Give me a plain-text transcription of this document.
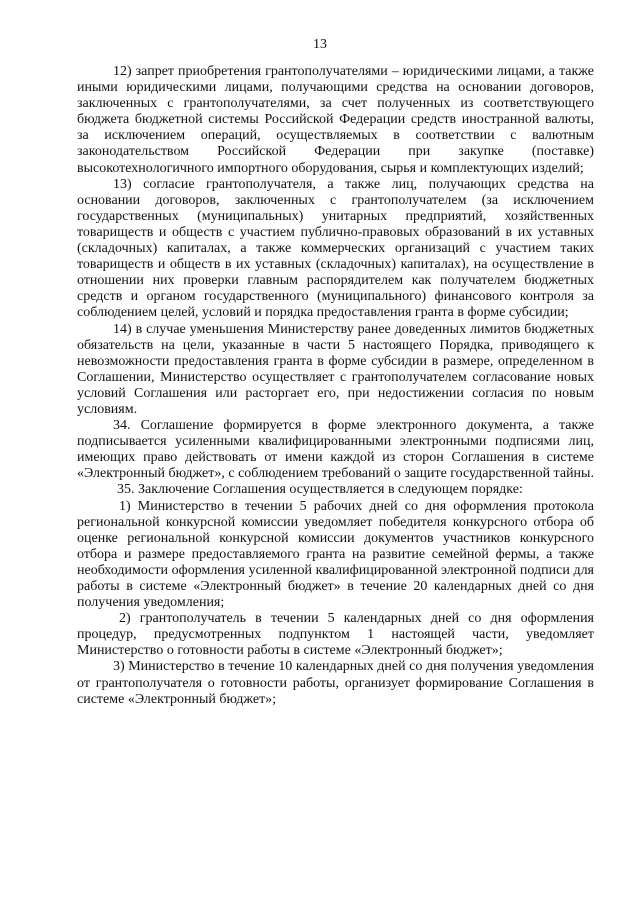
13

12) запрет приобретения грантополучателями – юридическими лицами, а также иными юридическими лицами, получающими средства на основании договоров, заключенных с грантополучателями, за счет полученных из соответствующего бюджета бюджетной системы Российской Федерации средств иностранной валюты, за исключением операций, осуществляемых в соответствии с валютным законодательством Российской Федерации при закупке (поставке) высокотехнологичного импортного оборудования, сырья и комплектующих изделий;

13) согласие грантополучателя, а также лиц, получающих средства на основании договоров, заключенных с грантополучателем (за исключением государственных (муниципальных) унитарных предприятий, хозяйственных товариществ и обществ с участием публично-правовых образований в их уставных (складочных) капиталах, а также коммерческих организаций с участием таких товариществ и обществ в их уставных (складочных) капиталах), на осуществление в отношении них проверки главным распорядителем как получателем бюджетных средств и органом государственного (муниципального) финансового контроля за соблюдением целей, условий и порядка предоставления гранта в форме субсидии;

14) в случае уменьшения Министерству ранее доведенных лимитов бюджетных обязательств на цели, указанные в части 5 настоящего Порядка, приводящего к невозможности предоставления гранта в форме субсидии в размере, определенном в Соглашении, Министерство осуществляет с грантополучателем согласование новых условий Соглашения или расторгает его, при недостижении согласия по новым условиям.

34. Соглашение формируется в форме электронного документа, а также подписывается усиленными квалифицированными электронными подписями лиц, имеющих право действовать от имени каждой из сторон Соглашения в системе «Электронный бюджет», с соблюдением требований о защите государственной тайны.

35. Заключение Соглашения осуществляется в следующем порядке:

1) Министерство в течении 5 рабочих дней со дня оформления протокола региональной конкурсной комиссии уведомляет победителя конкурсного отбора об оценке региональной конкурсной комиссии документов участников конкурсного отбора и размере предоставляемого гранта на развитие семейной фермы, а также необходимости оформления усиленной квалифицированной электронной подписи для работы в системе «Электронный бюджет» в течение 20 календарных дней со дня получения уведомления;

2) грантополучатель в течении 5 календарных дней со дня оформления процедур, предусмотренных подпунктом 1 настоящей части, уведомляет Министерство о готовности работы в системе «Электронный бюджет»;

3) Министерство в течение 10 календарных дней со дня получения уведомления от грантополучателя о готовности работы, организует формирование Соглашения в системе «Электронный бюджет»;
